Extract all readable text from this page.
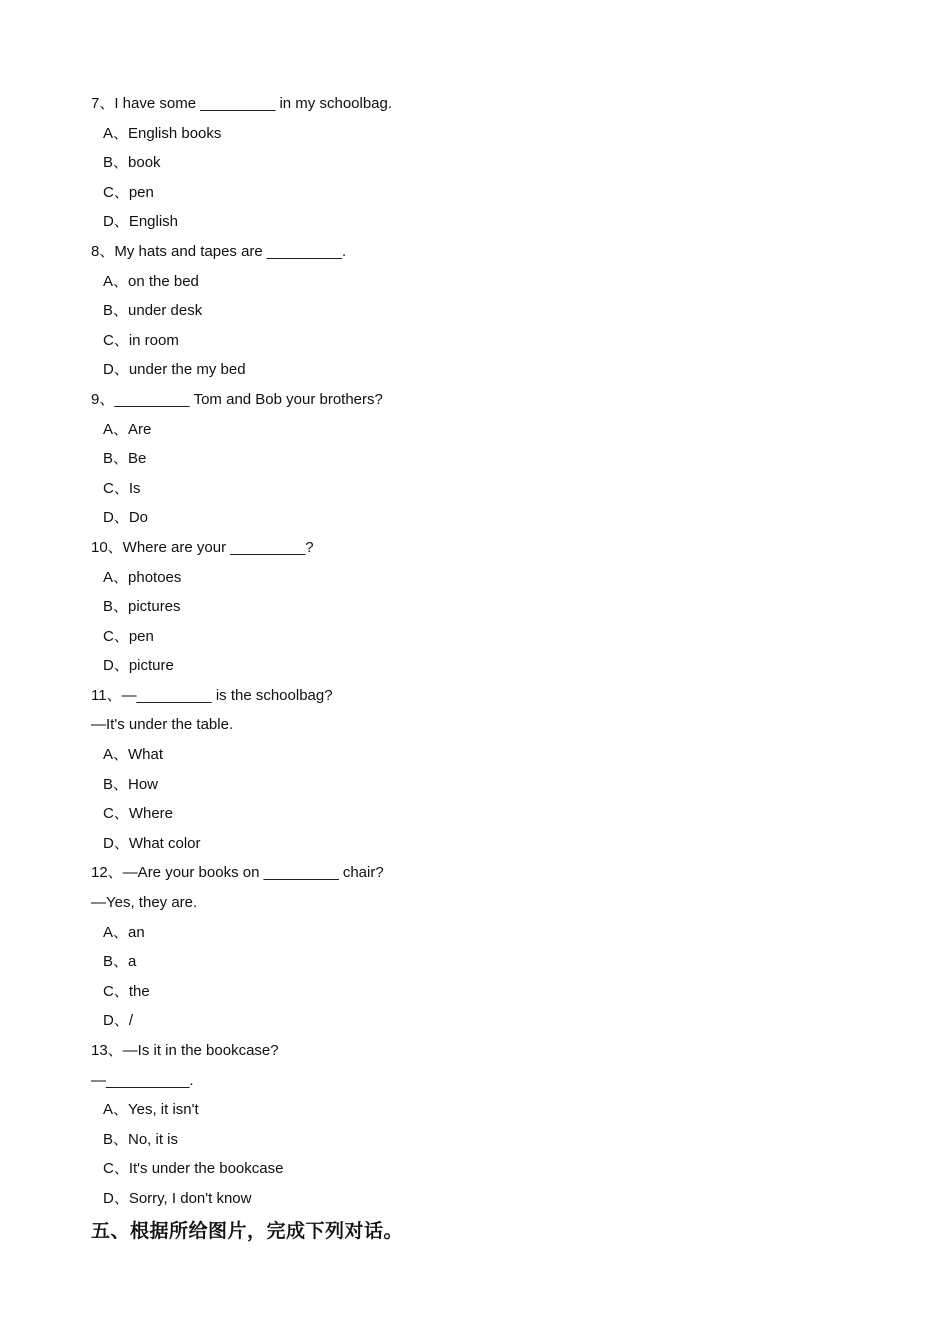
7、I have some _________ in my schoolbag.
A、English books
B、book
C、pen
D、English
8、My hats and tapes are _________.
A、on the bed
B、under desk
C、in room
D、under the my bed
9、_________ Tom and Bob your brothers?
A、Are
B、Be
C、Is
D、Do
10、Where are your _________?
A、photoes
B、pictures
C、pen
D、picture
11、—_________ is the schoolbag?
—It's under the table.
A、What
B、How
C、Where
D、What color
12、—Are your books on _________ chair?
—Yes, they are.
A、an
B、a
C、the
D、/
13、—Is it in the bookcase?
—__________.
A、Yes, it isn't
B、No, it is
C、It's under the bookcase
D、Sorry, I don't know
五、根据所给图片，完成下列对话。
